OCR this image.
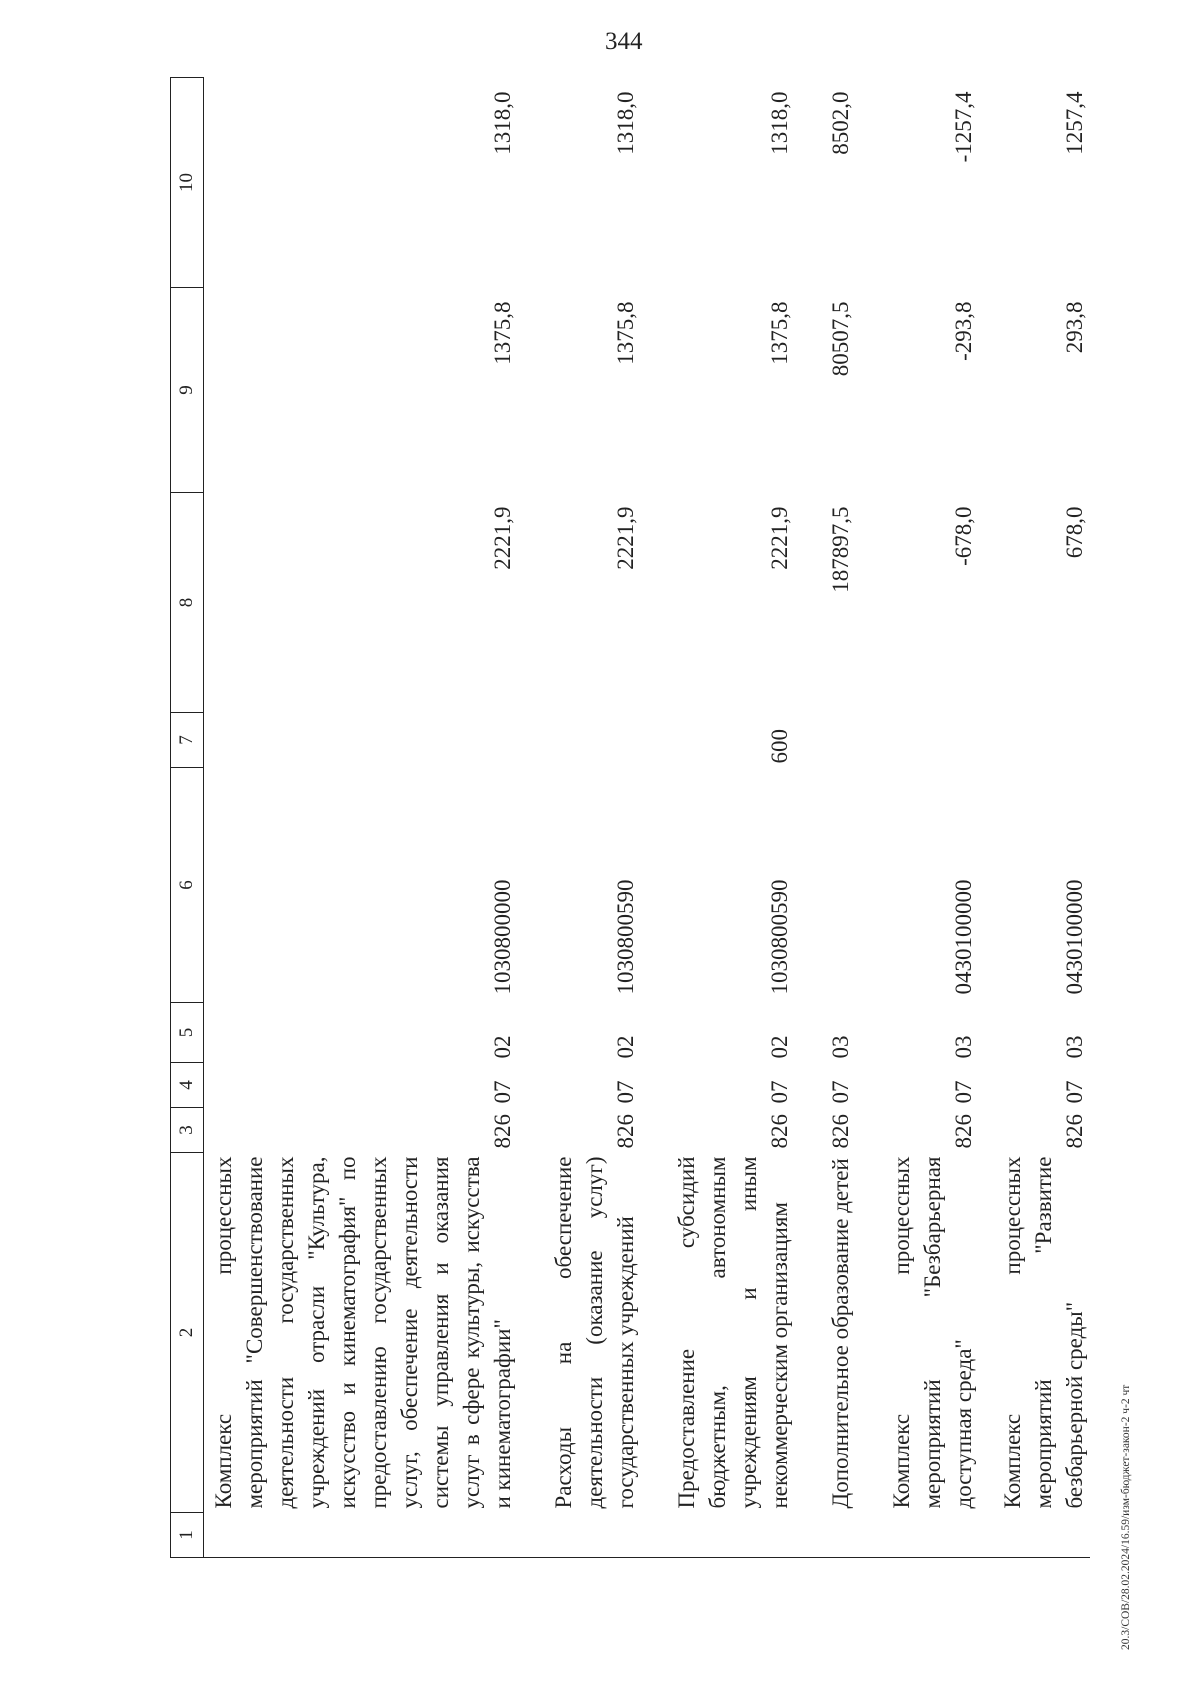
344
20.3/СОВ/28.02.2024/16.59/изм-бюджет-закон-2 ч-2 чт
1	2	3	4	5	6	7	8	9	10
	Комплекс процессных мероприятий "Совершенствование деятельности государственных учреждений отрасли "Культура, искусство и кинематография" по предоставлению государственных услуг, обеспечение деятельности системы управления и оказания услуг в сфере культуры, искусства и кинематографии"	826	07	02	1030800000		2221,9	1375,8	1318,0
	Расходы на обеспечение деятельности (оказание услуг) государственных учреждений	826	07	02	1030800590		2221,9	1375,8	1318,0
	Предоставление субсидий бюджетным, автономным учреждениям и иным некоммерческим организациям	826	07	02	1030800590	600	2221,9	1375,8	1318,0
	Дополнительное образование детей	826	07	03			187897,5	80507,5	8502,0
	Комплекс процессных мероприятий "Безбарьерная доступная среда"	826	07	03	0430100000		-678,0	-293,8	-1257,4
	Комплекс процессных мероприятий "Развитие безбарьерной среды"	826	07	03	0430100000		678,0	293,8	1257,4
